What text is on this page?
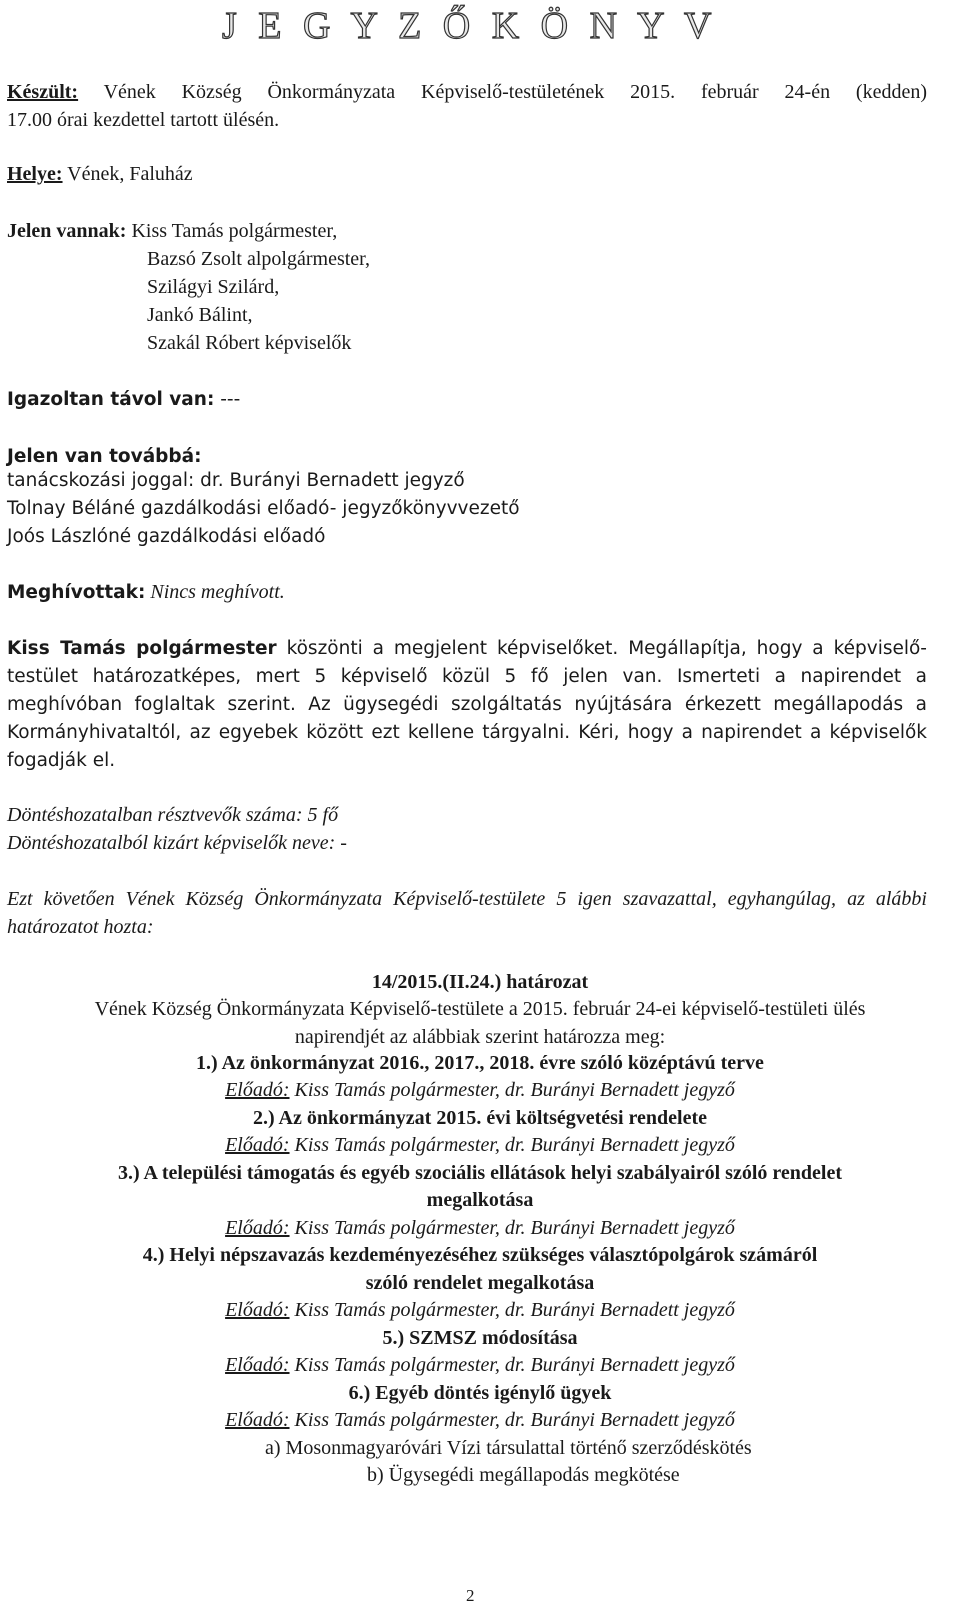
J E G Y Z Ő K Ö N Y V
Készült: Vének Község Önkormányzata Képviselő-testületének 2015. február 24-én (kedden)
17.00 órai kezdettel tartott ülésén.
Helye: Vének, Faluház
Jelen vannak: Kiss Tamás polgármester,
Bazsó Zsolt alpolgármester,
Szilágyi Szilárd,
Jankó Bálint,
Szakál Róbert képviselők
Igazoltan távol van: ---
Jelen van továbbá:
tanácskozási joggal: dr. Burányi Bernadett jegyző
Tolnay Béláné gazdálkodási előadó- jegyzőkönyvvezető
Joós Lászlóné gazdálkodási előadó
Meghívottak: Nincs meghívott.
Kiss Tamás polgármester köszönti a megjelent képviselőket. Megállapítja, hogy a képviselő-
testület határozatképes, mert 5 képviselő közül 5 fő jelen van. Ismerteti a napirendet a
meghívóban foglaltak szerint. Az ügysegédi szolgáltatás nyújtására érkezett megállapodás a
Kormányhivataltól, az egyebek között ezt kellene tárgyalni. Kéri, hogy a napirendet a képviselők
fogadják el.
Döntéshozatalban résztvevők száma: 5 fő
Döntéshozatalból kizárt képviselők neve: -
Ezt követően Vének Község Önkormányzata Képviselő-testülete 5 igen szavazattal, egyhangúlag, az alábbi
határozatot hozta:
14/2015.(II.24.) határozat
Vének Község Önkormányzata Képviselő-testülete a 2015. február 24-ei képviselő-testületi ülés
napirendjét az alábbiak szerint határozza meg:
1.) Az önkormányzat 2016., 2017., 2018. évre szóló középtávú terve
Előadó: Kiss Tamás polgármester, dr. Burányi Bernadett jegyző
2.) Az önkormányzat 2015. évi költségvetési rendelete
Előadó: Kiss Tamás polgármester, dr. Burányi Bernadett jegyző
3.) A települési támogatás és egyéb szociális ellátások helyi szabályairól szóló rendelet
megalkotása
Előadó: Kiss Tamás polgármester, dr. Burányi Bernadett jegyző
4.) Helyi népszavazás kezdeményezéséhez szükséges választópolgárok számáról
szóló rendelet megalkotása
Előadó: Kiss Tamás polgármester, dr. Burányi Bernadett jegyző
5.) SZMSZ módosítása
Előadó: Kiss Tamás polgármester, dr. Burányi Bernadett jegyző
6.) Egyéb döntés igénylő ügyek
Előadó: Kiss Tamás polgármester, dr. Burányi Bernadett jegyző
a) Mosonmagyaróvári Vízi társulattal történő szerződéskötés
b) Ügysegédi megállapodás megkötése
2
